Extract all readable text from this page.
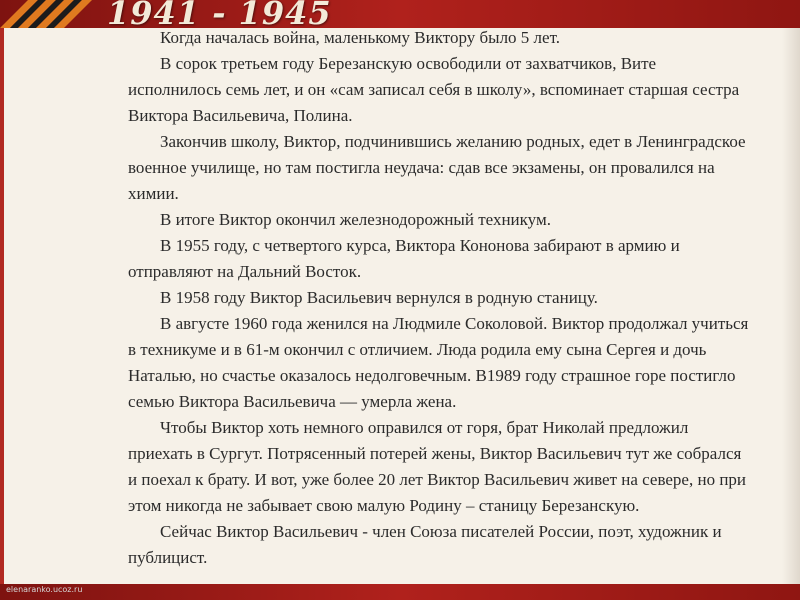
1941 - 1945

Когда началась война, маленькому Виктору было 5 лет.

В сорок третьем году Березанскую освободили от захватчиков, Вите исполнилось семь лет, и он «сам записал себя в школу», вспоминает старшая сестра Виктора Васильевича, Полина.

Закончив школу, Виктор, подчинившись желанию родных, едет в Ленинградское военное училище, но там постигла неудача: сдав все экзамены, он провалился на химии.

В итоге Виктор окончил железнодорожный техникум.

В 1955 году, с четвертого курса, Виктора Кононова забирают в армию и отправляют на Дальний Восток.

В 1958 году Виктор Васильевич вернулся в родную станицу.

В августе 1960 года женился на Людмиле Соколовой. Виктор продолжал учиться в техникуме и в 61-м окончил с отличием. Люда родила ему сына Сергея и дочь Наталью, но счастье оказалось недолговечным. В1989 году страшное горе постигло семью Виктора Васильевича — умерла жена.

Чтобы Виктор хоть немного оправился от горя, брат Николай предложил приехать в Сургут. Потрясенный потерей жены, Виктор Васильевич тут же собрался и поехал к брату. И вот, уже более 20 лет Виктор Васильевич живет на севере, но при этом никогда не забывает свою малую Родину – станицу Березанскую.

Сейчас Виктор Васильевич - член Союза писателей России, поэт, художник и публицист.

elenaranko.ucoz.ru
